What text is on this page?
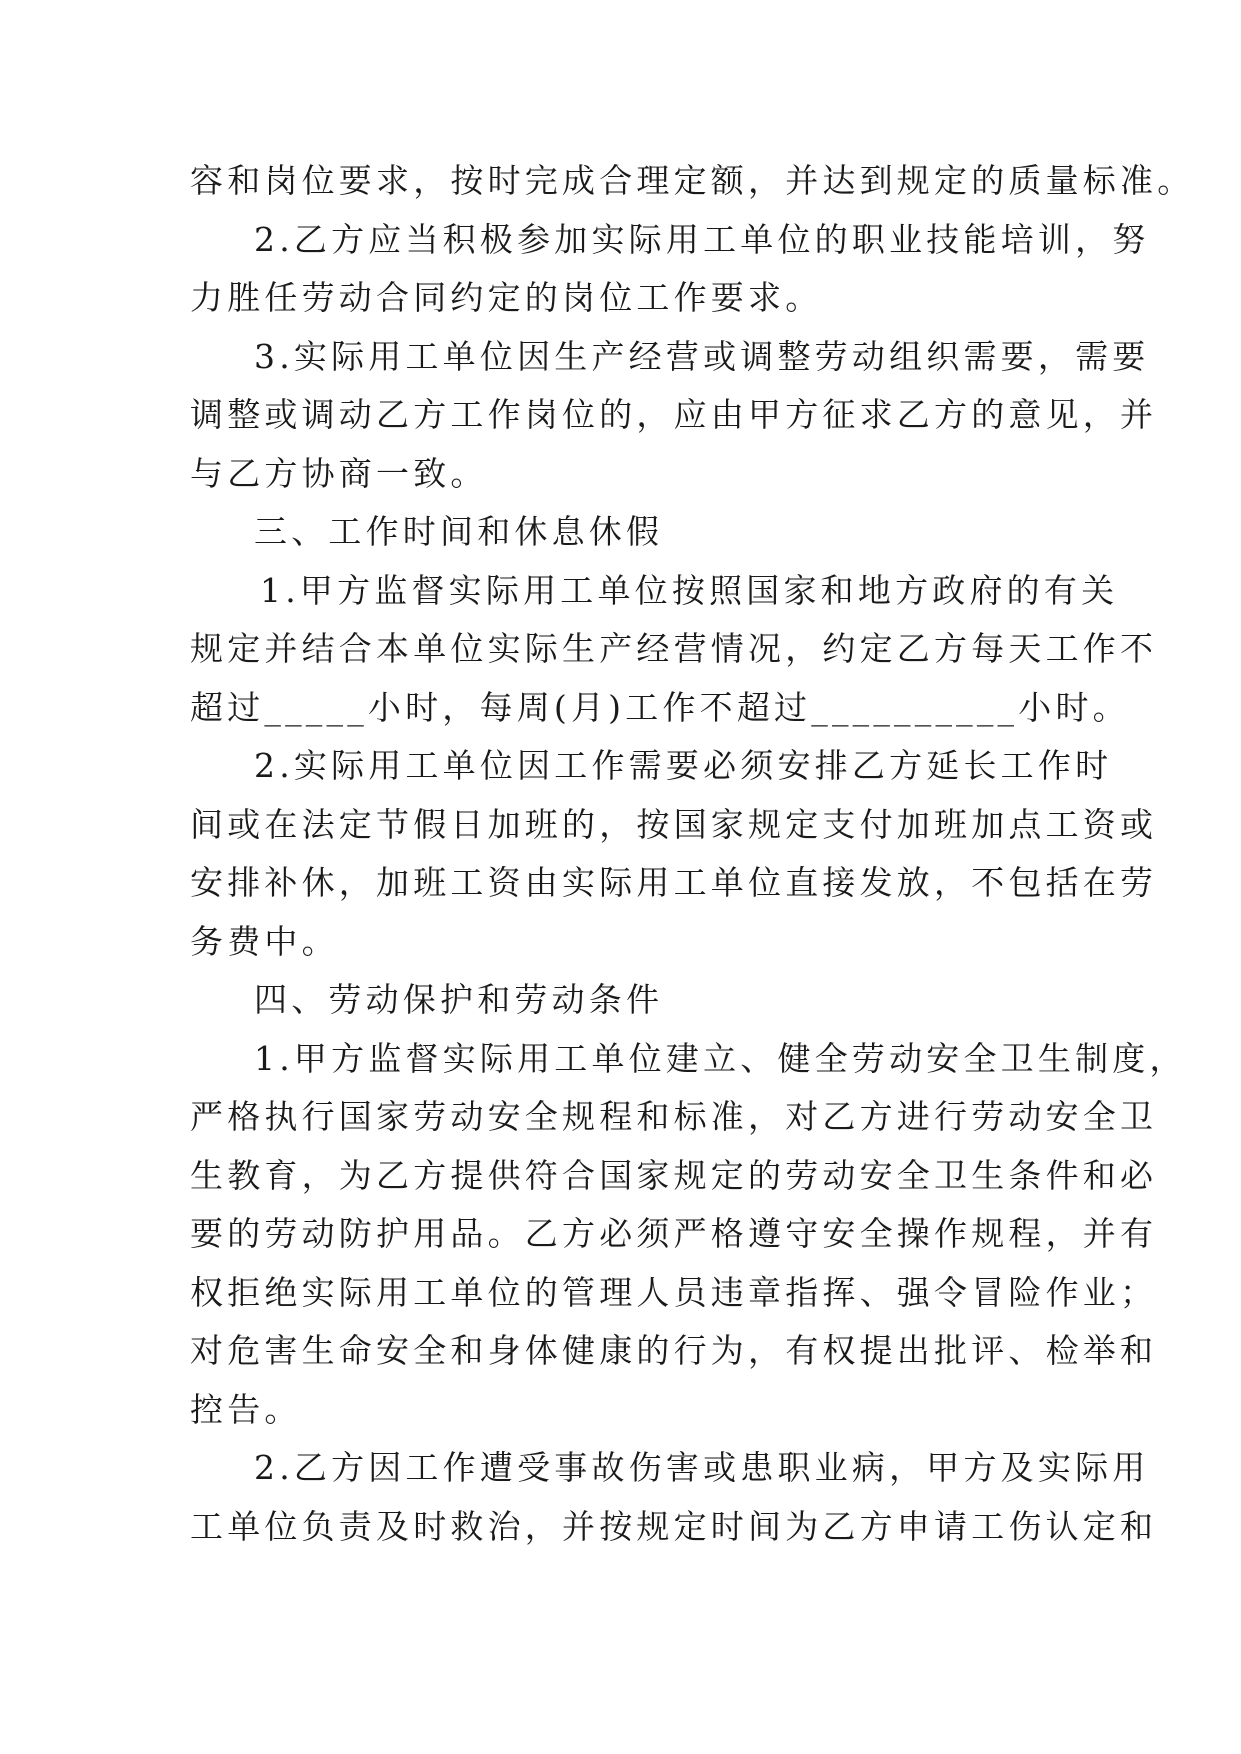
容和岗位要求，按时完成合理定额，并达到规定的质量标准。
2.乙方应当积极参加实际用工单位的职业技能培训，努
力胜任劳动合同约定的岗位工作要求。
3.实际用工单位因生产经营或调整劳动组织需要，需要
调整或调动乙方工作岗位的，应由甲方征求乙方的意见，并
与乙方协商一致。
三、工作时间和休息休假
1.甲方监督实际用工单位按照国家和地方政府的有关
规定并结合本单位实际生产经营情况，约定乙方每天工作不
超过_____小时，每周(月)工作不超过__________小时。
2.实际用工单位因工作需要必须安排乙方延长工作时
间或在法定节假日加班的，按国家规定支付加班加点工资或
安排补休，加班工资由实际用工单位直接发放，不包括在劳
务费中。
四、劳动保护和劳动条件
1.甲方监督实际用工单位建立、健全劳动安全卫生制度，
严格执行国家劳动安全规程和标准，对乙方进行劳动安全卫
生教育，为乙方提供符合国家规定的劳动安全卫生条件和必
要的劳动防护用品。乙方必须严格遵守安全操作规程，并有
权拒绝实际用工单位的管理人员违章指挥、强令冒险作业；
对危害生命安全和身体健康的行为，有权提出批评、检举和
控告。
2.乙方因工作遭受事故伤害或患职业病，甲方及实际用
工单位负责及时救治，并按规定时间为乙方申请工伤认定和
